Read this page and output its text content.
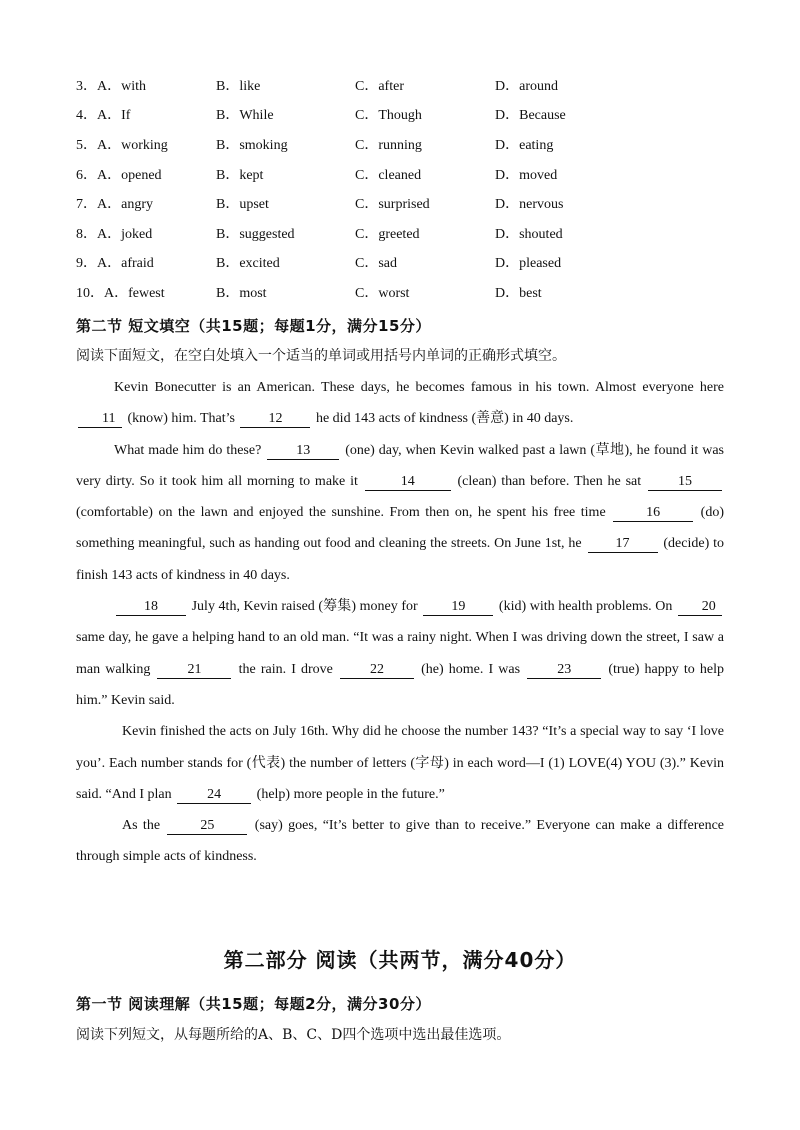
3．A．with	B．like	C．after	D．around
4．A．If	B．While	C．Though	D．Because
5．A．working	B．smoking	C．running	D．eating
6．A．opened	B．kept	C．cleaned	D．moved
7．A．angry	B．upset	C．surprised	D．nervous
8．A．joked	B．suggested	C．greeted	D．shouted
9．A．afraid	B．excited	C．sad	D．pleased
10．A．fewest	B．most	C．worst	D．best
第二节 短文填空（共15题；每题1分，满分15分）
阅读下面短文，在空白处填入一个适当的单词或用括号内单词的正确形式填空。

Kevin Bonecutter is an American. These days, he becomes famous in his town. Almost everyone here      11 (know) him. That’s 12 he did 143 acts of kindness (善意) in 40 days.

What made him do these? 13 (one) day, when Kevin walked past a lawn (草地), he found it was very dirty. So it took him all morning to make it	14	(clean) than before. Then he sat 15 (comfortable) on the lawn and enjoyed the sunshine. From then on, he spent his free time	16	(do) something meaningful, such as handing out food and cleaning the streets. On June 1st, he 17 (decide) to finish 143 acts of kindness in 40 days.

18 July 4th, Kevin raised (筹集) money for 19 (kid) with health problems. On      20 same day, he gave a helping hand to an old man. “It was a rainy night. When I was driving down the street, I saw a man walking 21 the rain. I drove 22 (he) home. I was 23 (true) happy to help him.” Kevin said.

Kevin finished the acts on July 16th. Why did he choose the number 143? “It’s a special way to say ‘I love you’. Each number stands for (代表) the number of letters (字母) in each word—I (1) LOVE(4) YOU (3).” Kevin said. “And I plan 24 (help) more people in the future.”

As the	25	(say) goes, “It’s better to give than to receive.” Everyone can make a difference through simple acts of kindness.

第二部分 阅读（共两节，满分40分）
第一节 阅读理解（共15题；每题2分，满分30分）
阅读下列短文，从每题所给的A、B、C、D四个选项中选出最佳选项。
